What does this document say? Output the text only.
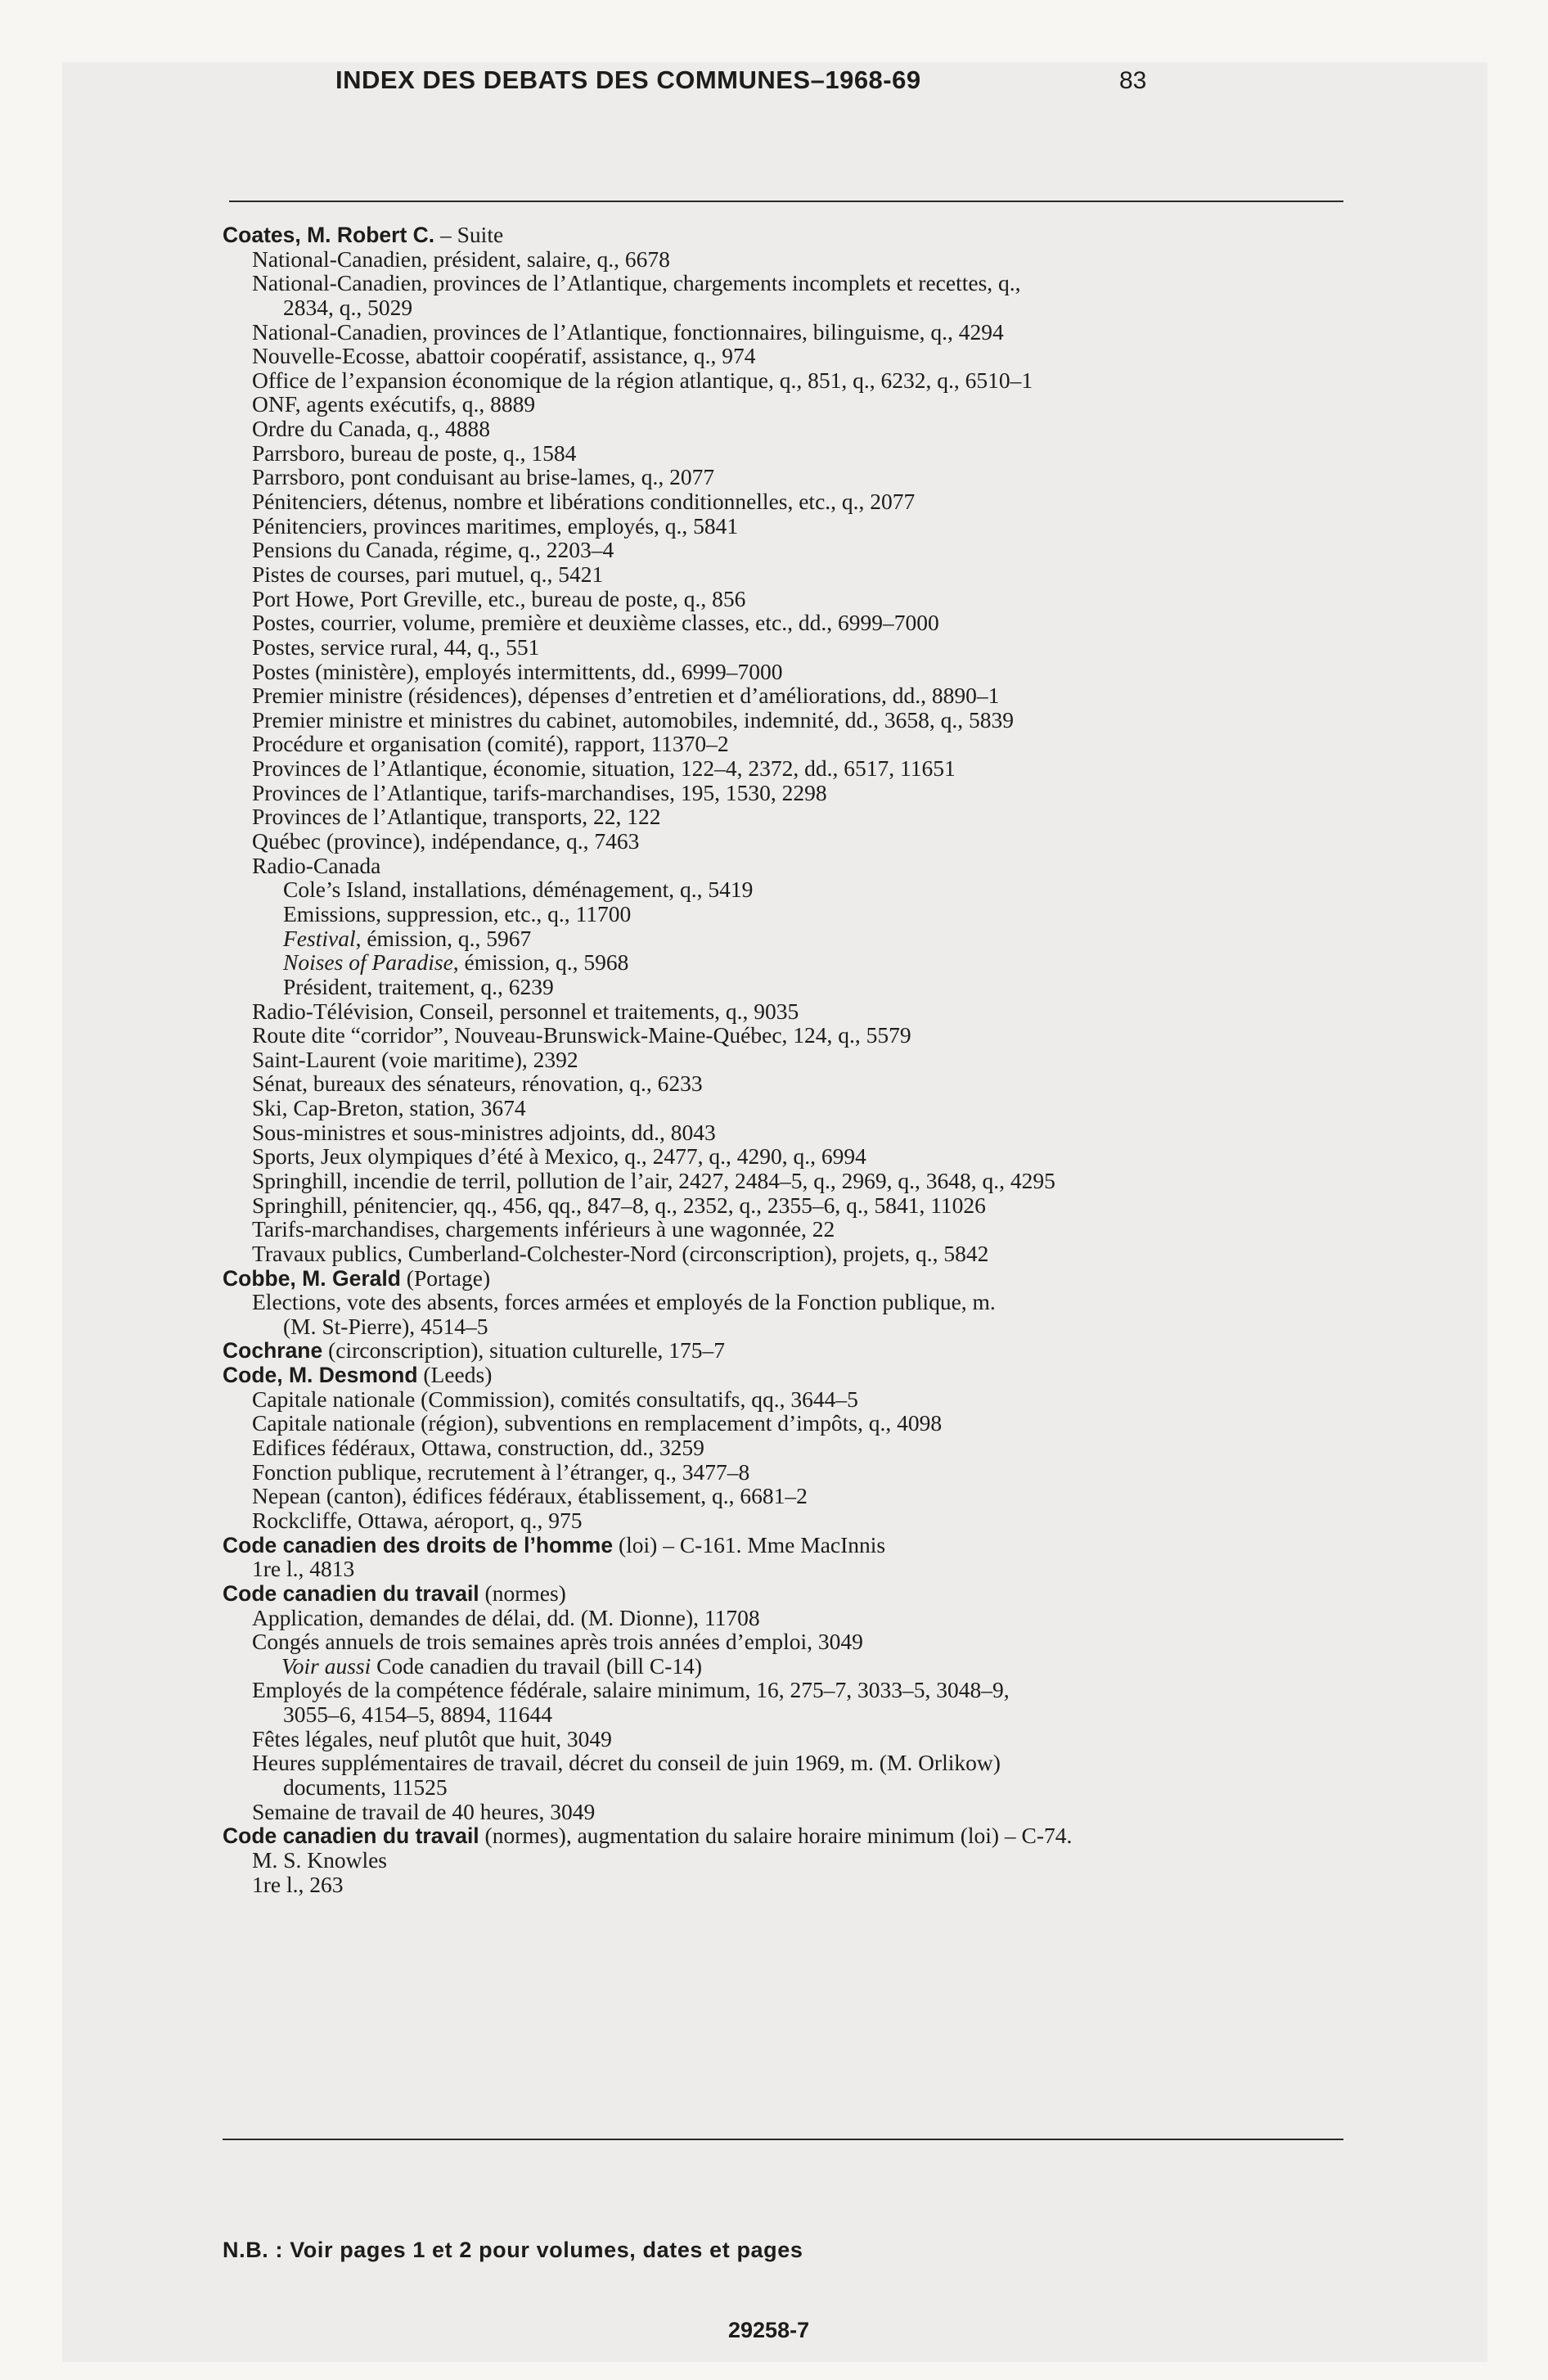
INDEX DES DEBATS DES COMMUNES–1968-69	83
Coates, M. Robert C. – Suite
National-Canadien, président, salaire, q., 6678
National-Canadien, provinces de l’Atlantique, chargements incomplets et recettes, q.,
2834, q., 5029
National-Canadien, provinces de l’Atlantique, fonctionnaires, bilinguisme, q., 4294
Nouvelle-Ecosse, abattoir coopératif, assistance, q., 974
Office de l’expansion économique de la région atlantique, q., 851, q., 6232, q., 6510–1
ONF, agents exécutifs, q., 8889
Ordre du Canada, q., 4888
Parrsboro, bureau de poste, q., 1584
Parrsboro, pont conduisant au brise-lames, q., 2077
Pénitenciers, détenus, nombre et libérations conditionnelles, etc., q., 2077
Pénitenciers, provinces maritimes, employés, q., 5841
Pensions du Canada, régime, q., 2203–4
Pistes de courses, pari mutuel, q., 5421
Port Howe, Port Greville, etc., bureau de poste, q., 856
Postes, courrier, volume, première et deuxième classes, etc., dd., 6999–7000
Postes, service rural, 44, q., 551
Postes (ministère), employés intermittents, dd., 6999–7000
Premier ministre (résidences), dépenses d’entretien et d’améliorations, dd., 8890–1
Premier ministre et ministres du cabinet, automobiles, indemnité, dd., 3658, q., 5839
Procédure et organisation (comité), rapport, 11370–2
Provinces de l’Atlantique, économie, situation, 122–4, 2372, dd., 6517, 11651
Provinces de l’Atlantique, tarifs-marchandises, 195, 1530, 2298
Provinces de l’Atlantique, transports, 22, 122
Québec (province), indépendance, q., 7463
Radio-Canada
Cole’s Island, installations, déménagement, q., 5419
Emissions, suppression, etc., q., 11700
Festival, émission, q., 5967
Noises of Paradise, émission, q., 5968
Président, traitement, q., 6239
Radio-Télévision, Conseil, personnel et traitements, q., 9035
Route dite “corridor”, Nouveau-Brunswick-Maine-Québec, 124, q., 5579
Saint-Laurent (voie maritime), 2392
Sénat, bureaux des sénateurs, rénovation, q., 6233
Ski, Cap-Breton, station, 3674
Sous-ministres et sous-ministres adjoints, dd., 8043
Sports, Jeux olympiques d’été à Mexico, q., 2477, q., 4290, q., 6994
Springhill, incendie de terril, pollution de l’air, 2427, 2484–5, q., 2969, q., 3648, q., 4295
Springhill, pénitencier, qq., 456, qq., 847–8, q., 2352, q., 2355–6, q., 5841, 11026
Tarifs-marchandises, chargements inférieurs à une wagonnée, 22
Travaux publics, Cumberland-Colchester-Nord (circonscription), projets, q., 5842
Cobbe, M. Gerald (Portage)
Elections, vote des absents, forces armées et employés de la Fonction publique, m.
(M. St-Pierre), 4514–5
Cochrane (circonscription), situation culturelle, 175–7
Code, M. Desmond (Leeds)
Capitale nationale (Commission), comités consultatifs, qq., 3644–5
Capitale nationale (région), subventions en remplacement d’impôts, q., 4098
Edifices fédéraux, Ottawa, construction, dd., 3259
Fonction publique, recrutement à l’étranger, q., 3477–8
Nepean (canton), édifices fédéraux, établissement, q., 6681–2
Rockcliffe, Ottawa, aéroport, q., 975
Code canadien des droits de l’homme (loi) – C-161. Mme MacInnis
1re l., 4813
Code canadien du travail (normes)
Application, demandes de délai, dd. (M. Dionne), 11708
Congés annuels de trois semaines après trois années d’emploi, 3049
Voir aussi Code canadien du travail (bill C-14)
Employés de la compétence fédérale, salaire minimum, 16, 275–7, 3033–5, 3048–9,
3055–6, 4154–5, 8894, 11644
Fêtes légales, neuf plutôt que huit, 3049
Heures supplémentaires de travail, décret du conseil de juin 1969, m. (M. Orlikow)
documents, 11525
Semaine de travail de 40 heures, 3049
Code canadien du travail (normes), augmentation du salaire horaire minimum (loi) – C-74.
M. S. Knowles
1re l., 263
N.B. : Voir pages 1 et 2 pour volumes, dates et pages
29258-7
